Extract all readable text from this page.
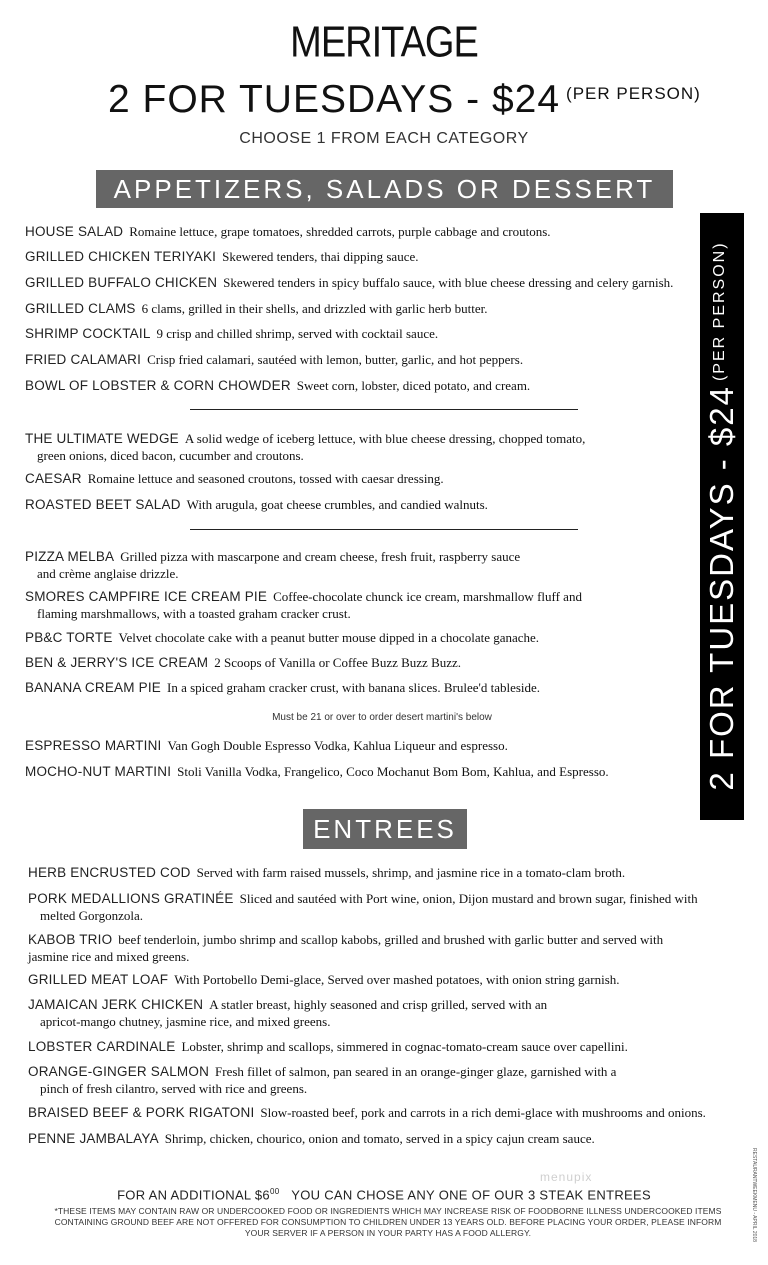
MERITAGE
2 FOR TUESDAYS - $24 $^{(PER PERSON)}$
CHOOSE 1 FROM EACH CATEGORY
APPETIZERS, SALADS OR DESSERT
2 FOR TUESDAYS - $\$24^{(PER PERSON)}$
HOUSE SALAD Romaine lettuce, grape tomatoes, shredded carrots, purple cabbage and croutons.
GRILLED CHICKEN TERIYAKI Skewered tenders, thai dipping sauce.
GRILLED BUFFALO CHICKEN Skewered tenders in spicy buffalo sauce, with blue cheese dressing and celery garnish.
GRILLED CLAMS 6 clams, grilled in their shells, and drizzled with garlic herb butter.
SHRIMP COCKTAIL 9 crisp and chilled shrimp, served with cocktail sauce.
FRIED CALAMARI Crisp fried calamari, sautéed with lemon, butter, garlic, and hot peppers.
BOWL OF LOBSTER & CORN CHOWDER Sweet corn, lobster, diced potato, and cream.
THE ULTIMATE WEDGE A solid wedge of iceberg lettuce, with blue cheese dressing, chopped tomato,
green onions, diced bacon, cucumber and croutons.
CAESAR Romaine lettuce and seasoned croutons, tossed with caesar dressing.
ROASTED BEET SALAD With arugula, goat cheese crumbles, and candied walnuts.
PIZZA MELBA Grilled pizza with mascarpone and cream cheese, fresh fruit, raspberry sauce
and crème anglaise drizzle.
SMORES CAMPFIRE ICE CREAM PIE Coffee-chocolate chunck ice cream, marshmallow fluff and
flaming marshmallows, with a toasted graham cracker crust.
PB&C TORTE Velvet chocolate cake with a peanut butter mouse dipped in a chocolate ganache.
BEN & JERRY'S ICE CREAM 2 Scoops of Vanilla or Coffee Buzz Buzz Buzz.
BANANA CREAM PIE In a spiced graham cracker crust, with banana slices. Brulee'd tableside.
Must be 21 or over to order desert martini's below
ESPRESSO MARTINI Van Gogh Double Espresso Vodka, Kahlua Liqueur and espresso.
MOCHO-NUT MARTINI Stoli Vanilla Vodka, Frangelico, Coco Mochanut Bom Bom, Kahlua, and Espresso.
ENTREES
HERB ENCRUSTED COD Served with farm raised mussels, shrimp, and jasmine rice in a tomato-clam broth.
PORK MEDALLIONS GRATINÉE Sliced and sautéed with Port wine, onion, Dijon mustard and brown sugar, finished with
melted Gorgonzola.
KABOB TRIO beef tenderloin, jumbo shrimp and scallop kabobs, grilled and brushed with garlic butter and served with
jasmine rice and mixed greens.
GRILLED MEAT LOAF With Portobello Demi-glace, Served over mashed potatoes, with onion string garnish.
JAMAICAN JERK CHICKEN A statler breast, highly seasoned and crisp grilled, served with an
apricot-mango chutney, jasmine rice, and mixed greens.
LOBSTER CARDINALE Lobster, shrimp and scallops, simmered in cognac-tomato-cream sauce over capellini.
ORANGE-GINGER SALMON Fresh fillet of salmon, pan seared in an orange-ginger glaze, garnished with a
pinch of fresh cilantro, served with rice and greens.
BRAISED BEEF & PORK RIGATONI Slow-roasted beef, pork and carrots in a rich demi-glace with mushrooms and onions.
PENNE JAMBALAYA Shrimp, chicken, chourico, onion and tomato, served in a spicy cajun cream sauce.
menupix
FOR AN ADDITIONAL $\$6^{00}$ YOU CAN CHOSE ANY ONE OF OUR 3 STEAK ENTREES
*THESE ITEMS MAY CONTAIN RAW OR UNDERCOOKED FOOD OR INGREDIENTS WHICH MAY INCREASE RISK OF FOODBORNE ILLNESS UNDERCOOKED ITEMS CONTAINING GROUND BEEF ARE NOT OFFERED FOR CONSUMPTION TO CHILDREN UNDER 13 YEARS OLD. BEFORE PLACING YOUR ORDER, PLEASE INFORM YOUR SERVER IF A PERSON IN YOUR PARTY HAS A FOOD ALLERGY.	RESTAURANTWEEKMENU - APRIL 2018
